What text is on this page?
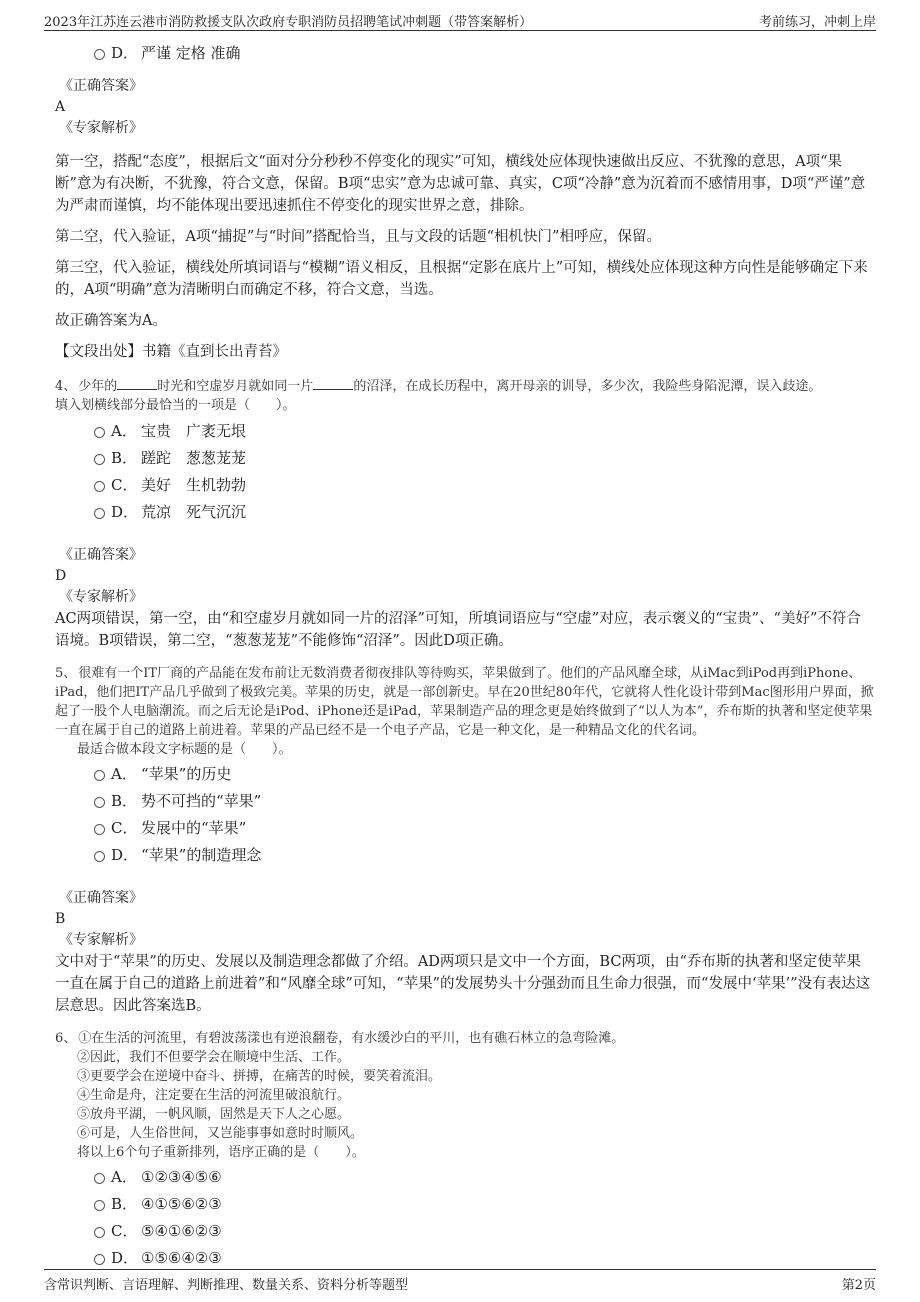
2023年江苏连云港市消防救援支队次政府专职消防员招聘笔试冲刺题（带答案解析）	考前练习，冲刺上岸
D． 严谨 定格 准确
《正确答案》
A
《专家解析》

第一空，搭配“态度”，根据后文“面对分分秒秒不停变化的现实”可知，横线处应体现快速做出反应、不犹豫的意思，A项“果断”意为有决断，不犹豫，符合文意，保留。B项“忠实”意为忠诚可靠、真实，C项“冷静”意为沉着而不感情用事，D项“严谨”意为严肃而谨慎，均不能体现出要迅速抓住不停变化的现实世界之意，排除。

第二空，代入验证，A项“捕捉”与“时间”搭配恰当，且与文段的话题“相机快门”相呼应，保留。

第三空，代入验证，横线处所填词语与“模糊”语义相反，且根据“定影在底片上”可知，横线处应体现这种方向性是能够确定下来的，A项“明确”意为清晰明白而确定不移，符合文意，当选。

故正确答案为A。

【文段出处】书籍《直到长出青苔》

4、 少年的	时光和空虚岁月就如同一片	的沼泽，在成长历程中，离开母亲的训导，多少次，我险些身陷泥潭，误入歧途。

填入划横线部分最恰当的一项是（　　）。

A． 宝贵　广袤无垠
B． 蹉跎　葱葱茏茏
C． 美好　生机勃勃
D． 荒凉　死气沉沉
《正确答案》
D
《专家解析》

AC两项错误，第一空，由“和空虚岁月就如同一片的沼泽”可知，所填词语应与“空虚”对应，表示褒义的“宝贵”、“美好”不符合语境。B项错误，第二空，“葱葱茏茏”不能修饰“沼泽”。因此D项正确。

5、 很难有一个IT厂商的产品能在发布前让无数消费者彻夜排队等待购买，苹果做到了。他们的产品风靡全球，从iMac到iPod再到iPhone、iPad，他们把IT产品几乎做到了极致完美。苹果的历史，就是一部创新史。早在20世纪80年代，它就将人性化设计带到Mac图形用户界面，掀起了一股个人电脑潮流。而之后无论是iPod、iPhone还是iPad，苹果制造产品的理念更是始终做到了“以人为本”，乔布斯的执著和坚定使苹果一直在属于自己的道路上前进着。苹果的产品已经不是一个电子产品，它是一种文化，是一种精品文化的代名词。

最适合做本段文字标题的是（　　）。

A． “苹果”的历史
B． 势不可挡的“苹果”
C． 发展中的“苹果”
D． “苹果”的制造理念
《正确答案》
B
《专家解析》

文中对于“苹果”的历史、发展以及制造理念都做了介绍。AD两项只是文中一个方面，BC两项，由“乔布斯的执著和坚定使苹果一直在属于自己的道路上前进着”和“风靡全球”可知，“苹果”的发展势头十分强劲而且生命力很强，而“发展中‘苹果’”没有表达这层意思。因此答案选B。

6、 ①在生活的河流里，有碧波荡漾也有逆浪翻卷，有水缓沙白的平川，也有礁石林立的急弯险滩。

②因此，我们不但要学会在顺境中生活、工作。
③更要学会在逆境中奋斗、拼搏，在痛苦的时候，要笑着流泪。
④生命是舟，注定要在生活的河流里破浪航行。
⑤放舟平湖，一帆风顺，固然是天下人之心愿。
⑥可是，人生俗世间，又岂能事事如意时时顺风。
将以上6个句子重新排列，语序正确的是（　　）。
A． ①②③④⑤⑥
B． ④①⑤⑥②③
C． ⑤④①⑥②③
D． ①⑤⑥④②③
含常识判断、言语理解、判断推理、数量关系、资料分析等题型	第2页
